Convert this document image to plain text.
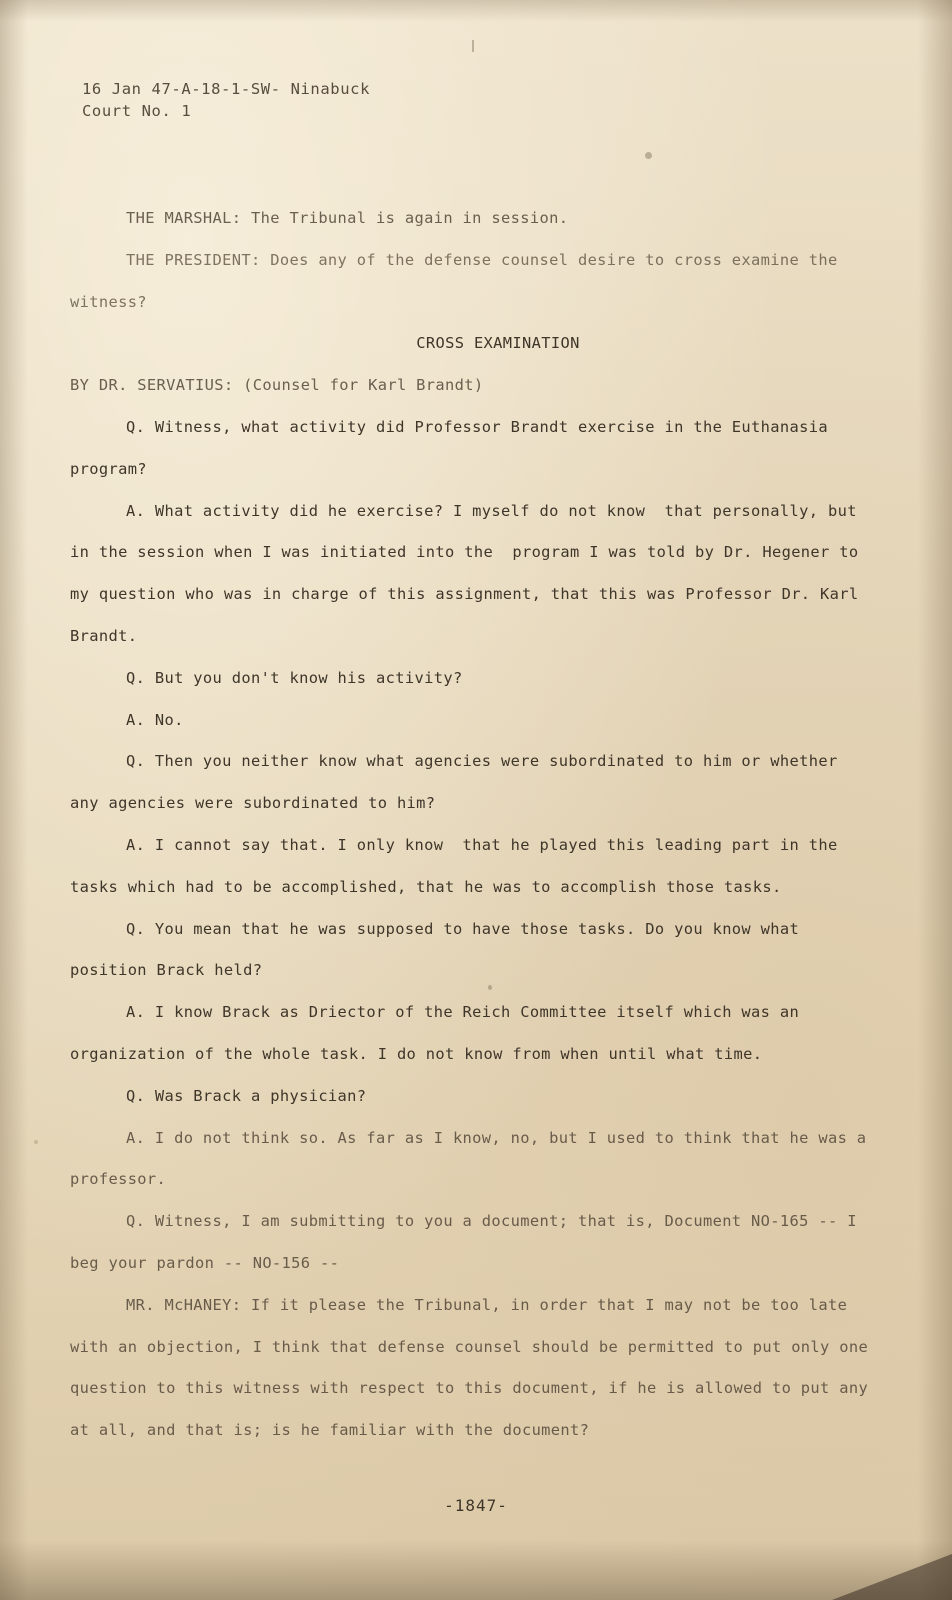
16 Jan 47-A-18-1-SW- Ninabuck
Court No. 1

THE MARSHAL: The Tribunal is again in session.

THE PRESIDENT: Does any of the defense counsel desire to cross examine the witness?

CROSS EXAMINATION

BY DR. SERVATIUS: (Counsel for Karl Brandt)

Q. Witness, what activity did Professor Brandt exercise in the Euthanasia program?

A. What activity did he exercise? I myself do not know  that personally, but in the session when I was initiated into the  program I was told by Dr. Hegener to my question who was in charge of this assignment, that this was Professor Dr. Karl Brandt.

Q. But you don't know his activity?

A. No.

Q. Then you neither know what agencies were subordinated to him or whether any agencies were subordinated to him?

A. I cannot say that. I only know  that he played this leading part in the tasks which had to be accomplished, that he was to accomplish those tasks.

Q. You mean that he was supposed to have those tasks. Do you know what position Brack held?

A. I know Brack as Driector of the Reich Committee itself which was an organization of the whole task. I do not know from when until what time.

Q. Was Brack a physician?

A. I do not think so. As far as I know, no, but I used to think that he was a professor.

Q. Witness, I am submitting to you a document; that is, Document NO-165 -- I beg your pardon -- NO-156 --

MR. McHANEY: If it please the Tribunal, in order that I may not be too late  with an objection, I think that defense counsel should be permitted to put only one question to this witness with respect to this document, if he is allowed to put any at all, and that is; is he familiar with the document?

-1847-
